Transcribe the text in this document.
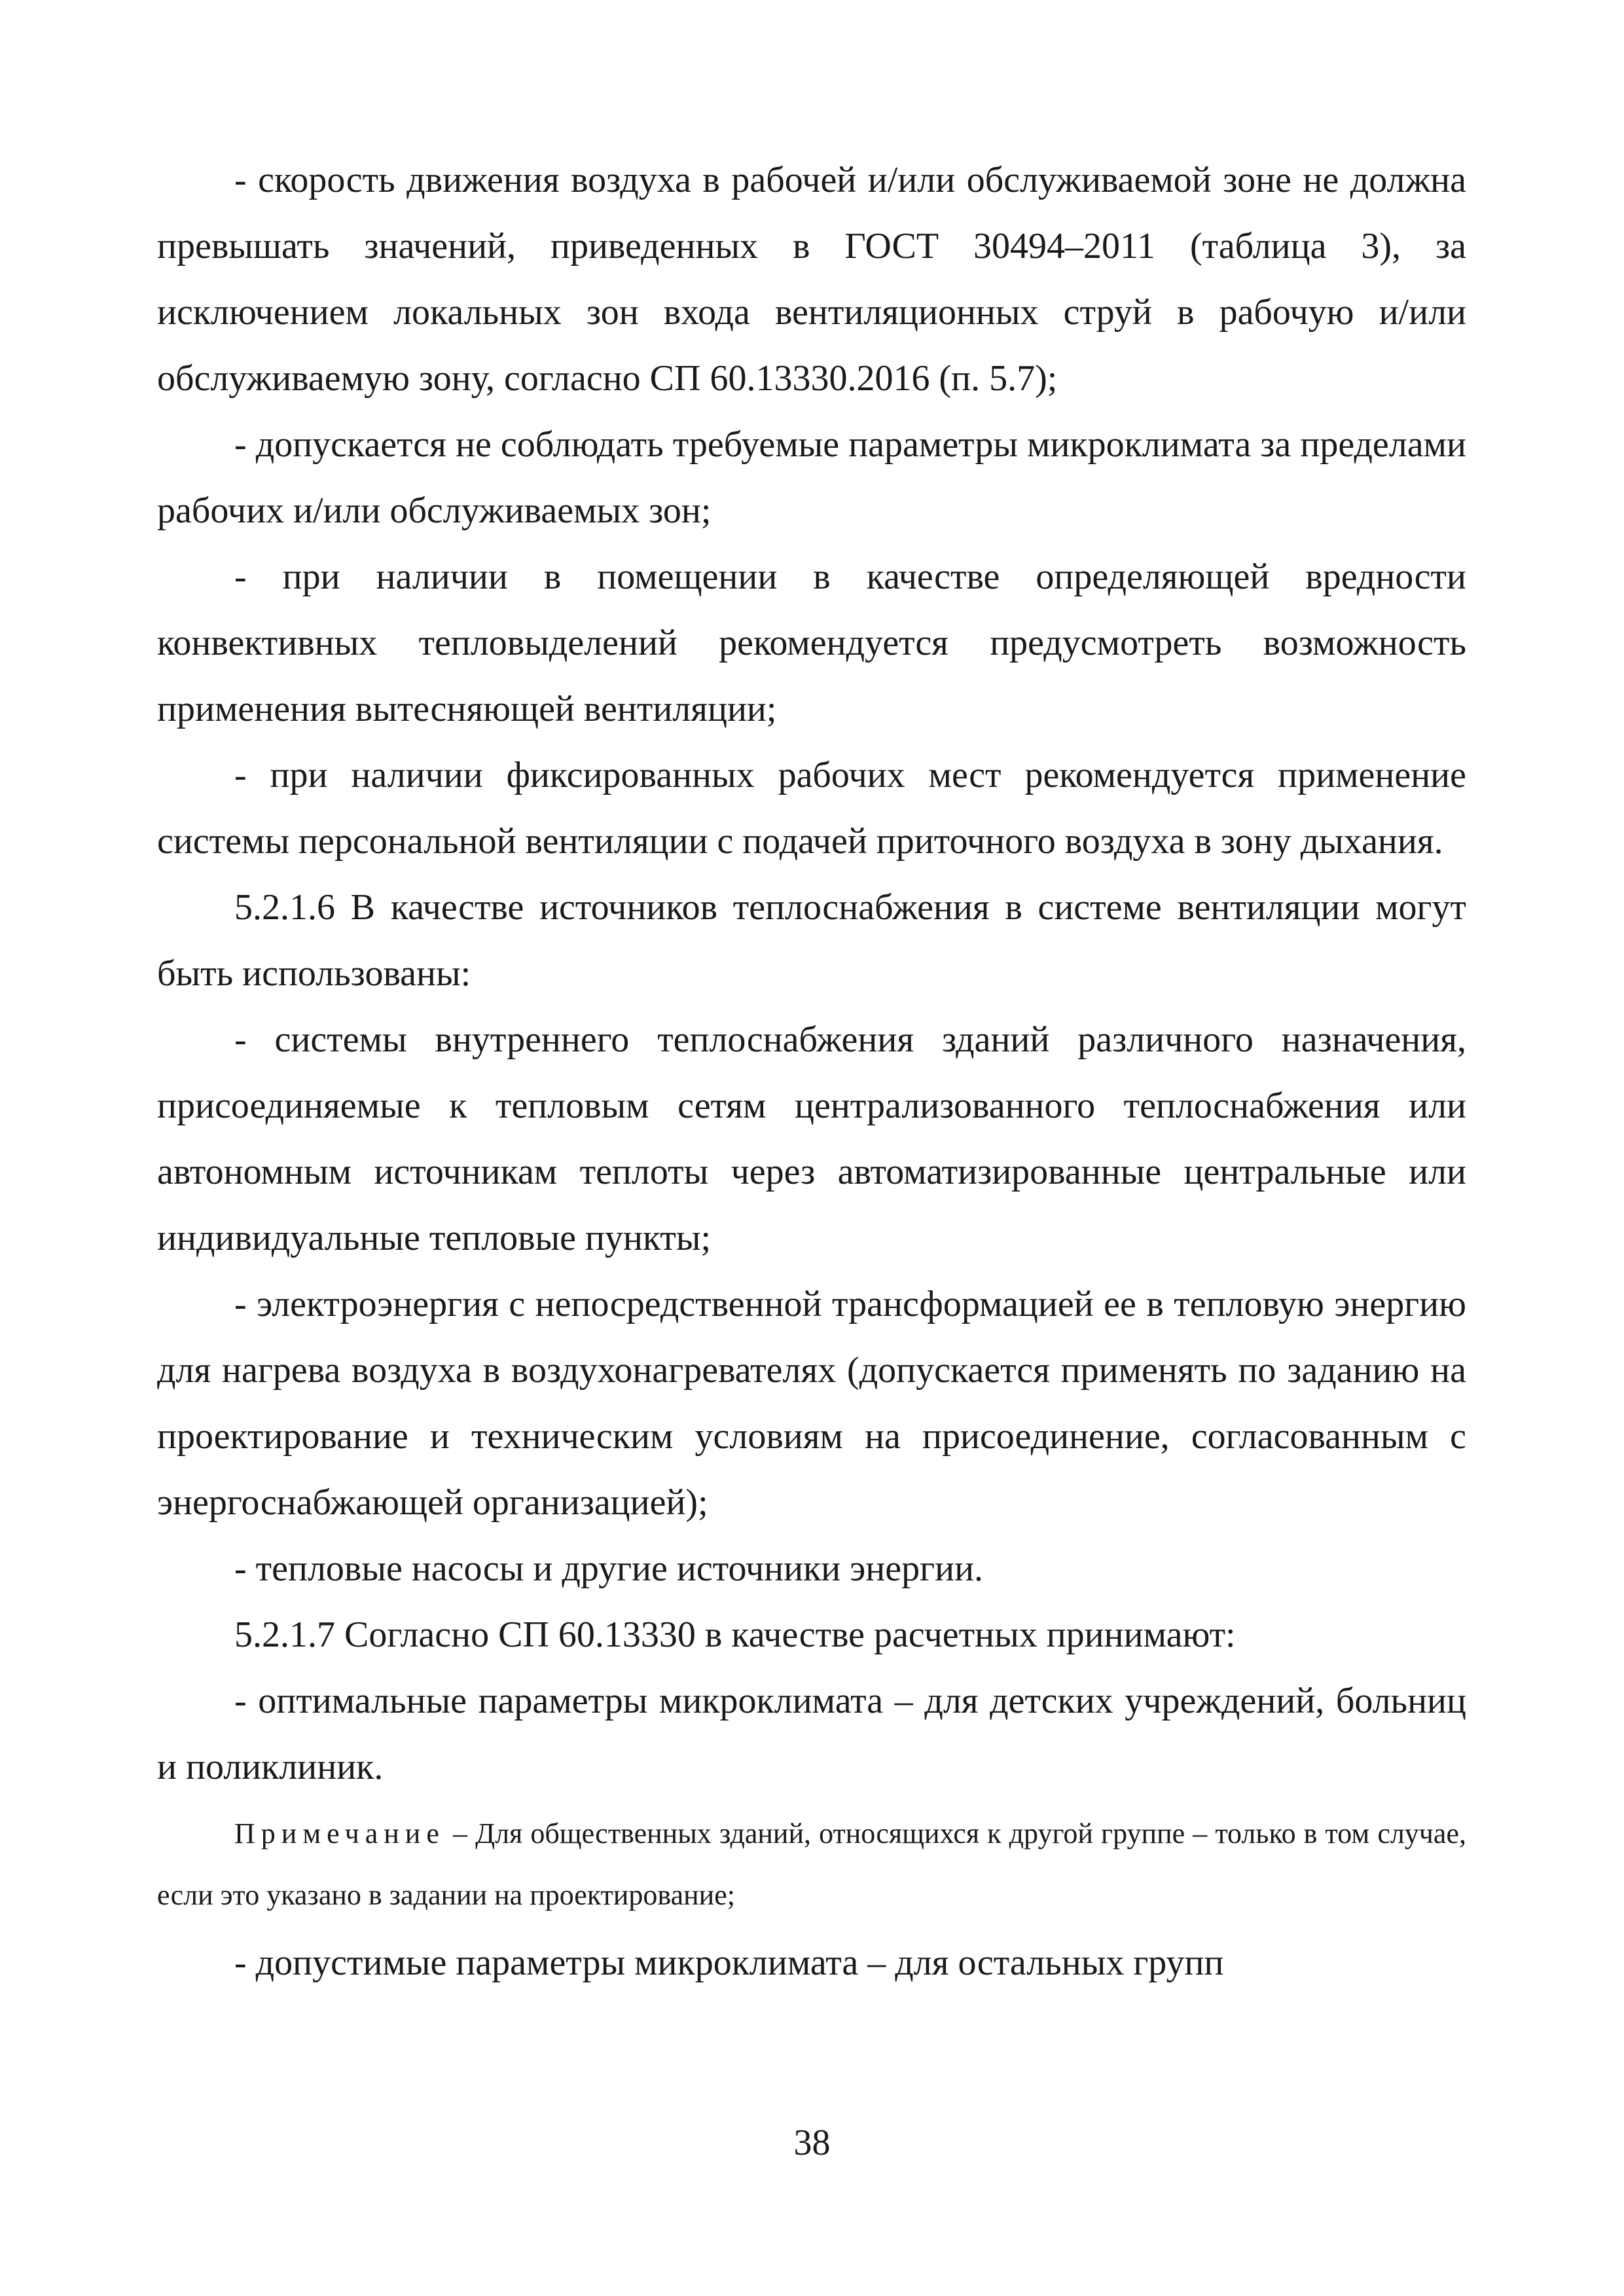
- скорость движения воздуха в рабочей и/или обслуживаемой зоне не должна превышать значений, приведенных в ГОСТ 30494–2011 (таблица 3), за исключением локальных зон входа вентиляционных струй в рабочую и/или обслуживаемую зону, согласно СП 60.13330.2016 (п. 5.7);

- допускается не соблюдать требуемые параметры микроклимата за пределами рабочих и/или обслуживаемых зон;

- при наличии в помещении в качестве определяющей вредности конвективных тепловыделений рекомендуется предусмотреть возможность применения вытесняющей вентиляции;

- при наличии фиксированных рабочих мест рекомендуется применение системы персональной вентиляции с подачей приточного воздуха в зону дыхания.

5.2.1.6 В качестве источников теплоснабжения в системе вентиляции могут быть использованы:

- системы внутреннего теплоснабжения зданий различного назначения, присоединяемые к тепловым сетям централизованного теплоснабжения или автономным источникам теплоты через автоматизированные центральные или индивидуальные тепловые пункты;

- электроэнергия с непосредственной трансформацией ее в тепловую энергию для нагрева воздуха в воздухонагревателях (допускается применять по заданию на проектирование и техническим условиям на присоединение, согласованным с энергоснабжающей организацией);

- тепловые насосы и другие источники энергии.

5.2.1.7 Согласно СП 60.13330 в качестве расчетных принимают:

- оптимальные параметры микроклимата – для детских учреждений, больниц и поликлиник.

Примечание – Для общественных зданий, относящихся к другой группе – только в том случае, если это указано в задании на проектирование;

- допустимые параметры микроклимата – для остальных групп

38
